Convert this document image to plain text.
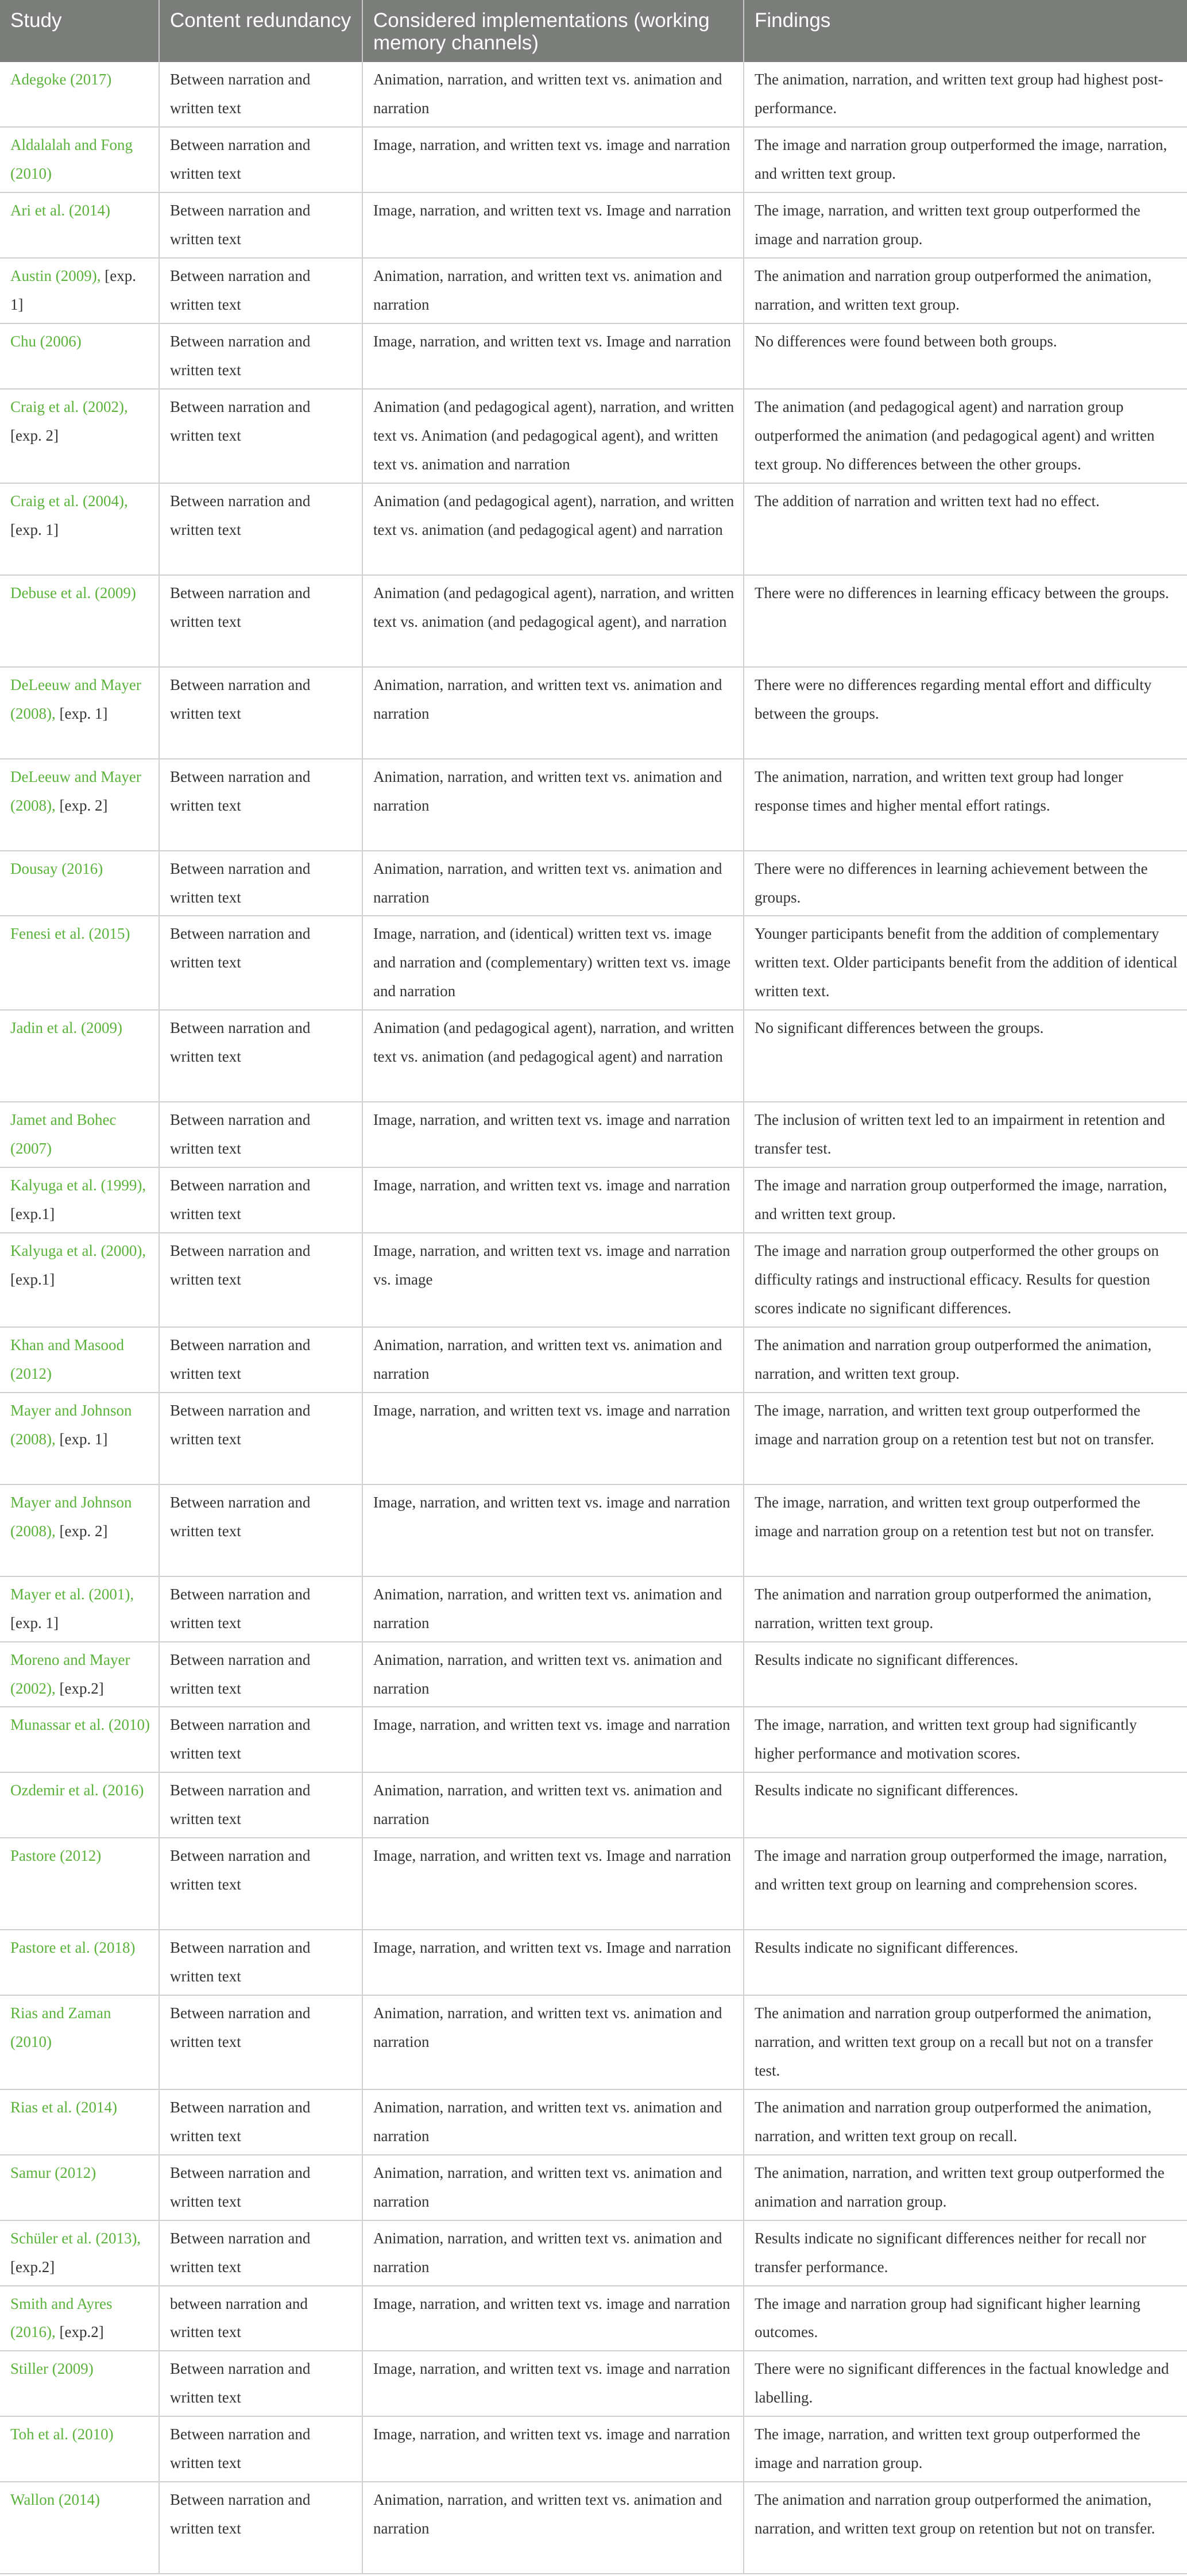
Study	Content redundancy	Considered implementations (working memory channels)	Findings
Adegoke (2017)	Between narration and written text	Animation, narration, and written text vs. animation and narration	The animation, narration, and written text group had highest post-performance.
Aldalalah and Fong (2010)	Between narration and written text	Image, narration, and written text vs. image and narration	The image and narration group outperformed the image, narration, and written text group.
Ari et al. (2014)	Between narration and written text	Image, narration, and written text vs. Image and narration	The image, narration, and written text group outperformed the image and narration group.
Austin (2009), [exp. 1]	Between narration and written text	Animation, narration, and written text vs. animation and narration	The animation and narration group outperformed the animation, narration, and written text group.
Chu (2006)	Between narration and written text	Image, narration, and written text vs. Image and narration	No differences were found between both groups.
Craig et al. (2002), [exp. 2]	Between narration and written text	Animation (and pedagogical agent), narration, and written text vs. Animation (and pedagogical agent), and written text vs. animation and narration	The animation (and pedagogical agent) and narration group outperformed the animation (and pedagogical agent) and written text group. No differences between the other groups.
Craig et al. (2004), [exp. 1]	Between narration and written text	Animation (and pedagogical agent), narration, and written text vs. animation (and pedagogical agent) and narration	The addition of narration and written text had no effect.
Debuse et al. (2009)	Between narration and written text	Animation (and pedagogical agent), narration, and written text vs. animation (and pedagogical agent), and narration	There were no differences in learning efficacy between the groups.
DeLeeuw and Mayer (2008), [exp. 1]	Between narration and written text	Animation, narration, and written text vs. animation and narration	There were no differences regarding mental effort and difficulty between the groups.
DeLeeuw and Mayer (2008), [exp. 2]	Between narration and written text	Animation, narration, and written text vs. animation and narration	The animation, narration, and written text group had longer response times and higher mental effort ratings.
Dousay (2016)	Between narration and written text	Animation, narration, and written text vs. animation and narration	There were no differences in learning achievement between the groups.
Fenesi et al. (2015)	Between narration and written text	Image, narration, and (identical) written text vs. image and narration and (complementary) written text vs. image and narration	Younger participants benefit from the addition of complementary written text. Older participants benefit from the addition of identical written text.
Jadin et al. (2009)	Between narration and written text	Animation (and pedagogical agent), narration, and written text vs. animation (and pedagogical agent) and narration	No significant differences between the groups.
Jamet and Bohec (2007)	Between narration and written text	Image, narration, and written text vs. image and narration	The inclusion of written text led to an impairment in retention and transfer test.
Kalyuga et al. (1999), [exp.1]	Between narration and written text	Image, narration, and written text vs. image and narration	The image and narration group outperformed the image, narration, and written text group.
Kalyuga et al. (2000), [exp.1]	Between narration and written text	Image, narration, and written text vs. image and narration vs. image	The image and narration group outperformed the other groups on difficulty ratings and instructional efficacy. Results for question scores indicate no significant differences.
Khan and Masood (2012)	Between narration and written text	Animation, narration, and written text vs. animation and narration	The animation and narration group outperformed the animation, narration, and written text group.
Mayer and Johnson (2008), [exp. 1]	Between narration and written text	Image, narration, and written text vs. image and narration	The image, narration, and written text group outperformed the image and narration group on a retention test but not on transfer.
Mayer and Johnson (2008), [exp. 2]	Between narration and written text	Image, narration, and written text vs. image and narration	The image, narration, and written text group outperformed the image and narration group on a retention test but not on transfer.
Mayer et al. (2001), [exp. 1]	Between narration and written text	Animation, narration, and written text vs. animation and narration	The animation and narration group outperformed the animation, narration, written text group.
Moreno and Mayer (2002), [exp.2]	Between narration and written text	Animation, narration, and written text vs. animation and narration	Results indicate no significant differences.
Munassar et al. (2010)	Between narration and written text	Image, narration, and written text vs. image and narration	The image, narration, and written text group had significantly higher performance and motivation scores.
Ozdemir et al. (2016)	Between narration and written text	Animation, narration, and written text vs. animation and narration	Results indicate no significant differences.
Pastore (2012)	Between narration and written text	Image, narration, and written text vs. Image and narration	The image and narration group outperformed the image, narration, and written text group on learning and comprehension scores.
Pastore et al. (2018)	Between narration and written text	Image, narration, and written text vs. Image and narration	Results indicate no significant differences.
Rias and Zaman (2010)	Between narration and written text	Animation, narration, and written text vs. animation and narration	The animation and narration group outperformed the animation, narration, and written text group on a recall but not on a transfer test.
Rias et al. (2014)	Between narration and written text	Animation, narration, and written text vs. animation and narration	The animation and narration group outperformed the animation, narration, and written text group on recall.
Samur (2012)	Between narration and written text	Animation, narration, and written text vs. animation and narration	The animation, narration, and written text group outperformed the animation and narration group.
Schüler et al. (2013), [exp.2]	Between narration and written text	Animation, narration, and written text vs. animation and narration	Results indicate no significant differences neither for recall nor transfer performance.
Smith and Ayres (2016), [exp.2]	between narration and written text	Image, narration, and written text vs. image and narration	The image and narration group had significant higher learning outcomes.
Stiller (2009)	Between narration and written text	Image, narration, and written text vs. image and narration	There were no significant differences in the factual knowledge and labelling.
Toh et al. (2010)	Between narration and written text	Image, narration, and written text vs. image and narration	The image, narration, and written text group outperformed the image and narration group.
Wallon (2014)	Between narration and written text	Animation, narration, and written text vs. animation and narration	The animation and narration group outperformed the animation, narration, and written text group on retention but not on transfer.
